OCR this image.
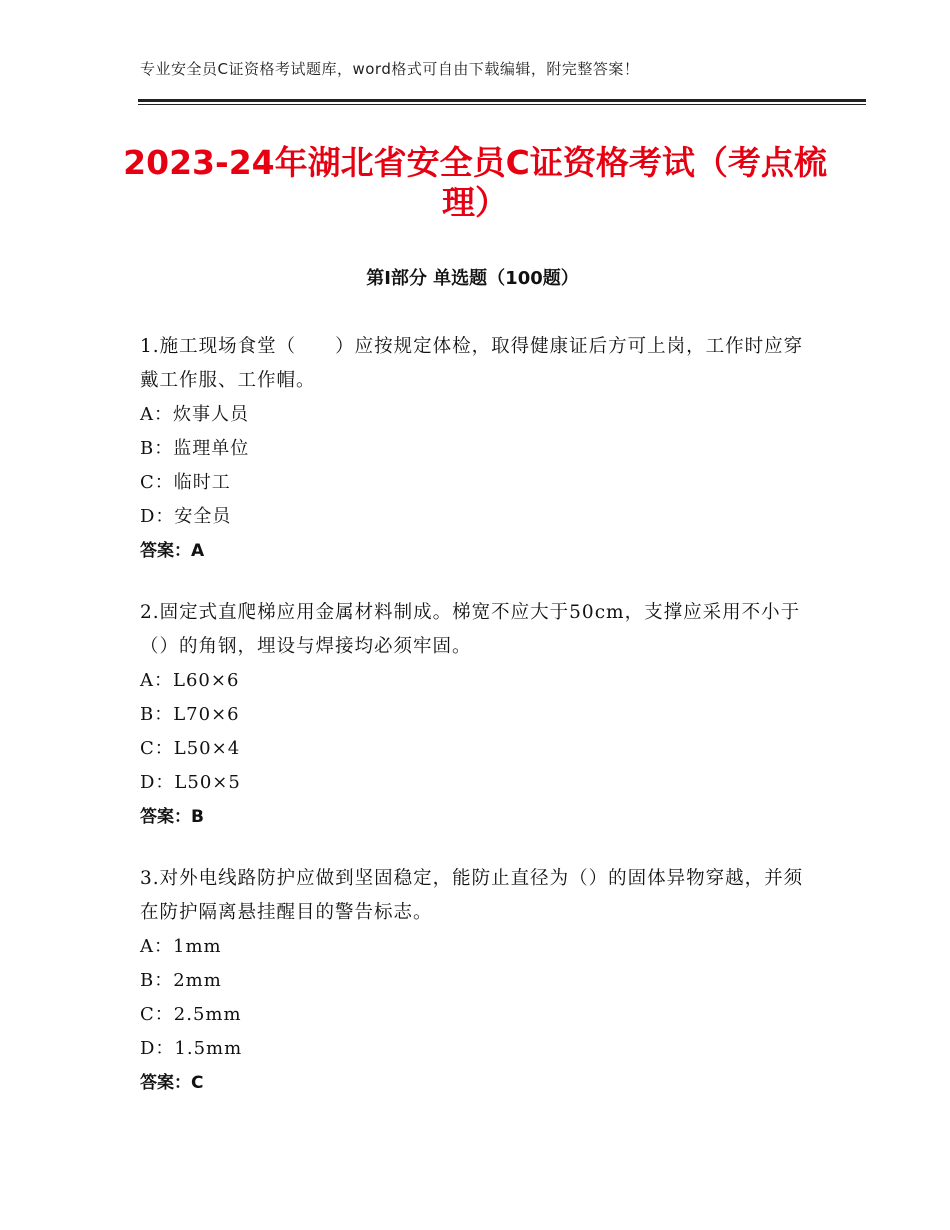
专业安全员C证资格考试题库，word格式可自由下载编辑，附完整答案！
2023-24年湖北省安全员C证资格考试（考点梳理）
第Ⅰ部分 单选题（100题）
1.施工现场食堂（　　）应按规定体检，取得健康证后方可上岗，工作时应穿戴工作服、工作帽。
A：炊事人员
B：监理单位
C：临时工
D：安全员
答案：A
2.固定式直爬梯应用金属材料制成。梯宽不应大于50cm，支撑应采用不小于（）的角钢，埋设与焊接均必须牢固。
A：L60×6
B：L70×6
C：L50×4
D：L50×5
答案：B
3.对外电线路防护应做到坚固稳定，能防止直径为（）的固体异物穿越，并须在防护隔离悬挂醒目的警告标志。
A：1mm
B：2mm
C：2.5mm
D：1.5mm
答案：C
